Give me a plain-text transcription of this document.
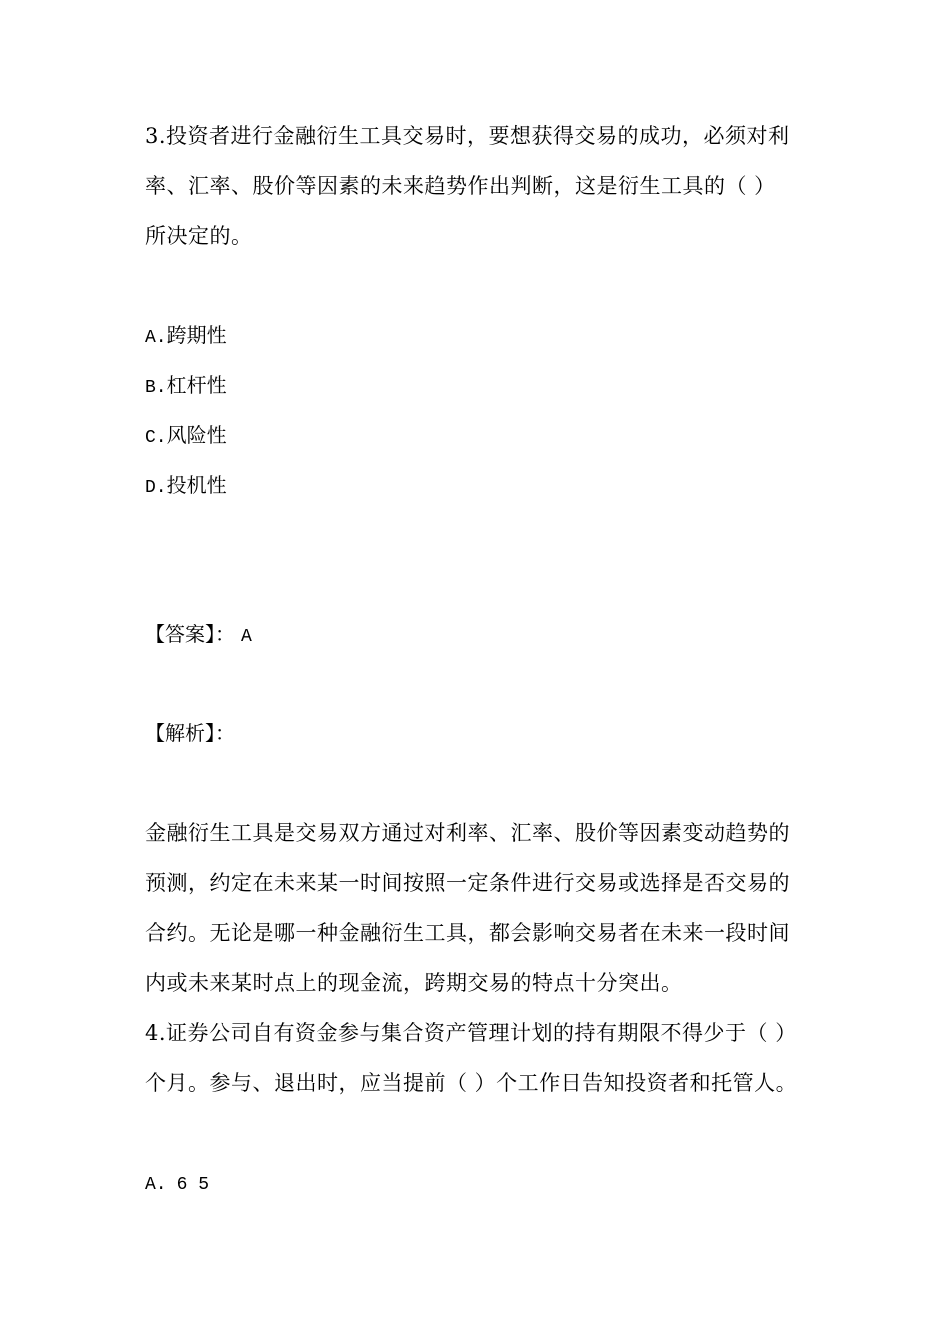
3.投资者进行金融衍生工具交易时，要想获得交易的成功，必须对利
率、汇率、股价等因素的未来趋势作出判断，这是衍生工具的（ ）
所决定的。
A.跨期性
B.杠杆性
C.风险性
D.投机性
【答案】： A
【解析】：
金融衍生工具是交易双方通过对利率、汇率、股价等因素变动趋势的
预测，约定在未来某一时间按照一定条件进行交易或选择是否交易的
合约。无论是哪一种金融衍生工具，都会影响交易者在未来一段时间
内或未来某时点上的现金流，跨期交易的特点十分突出。
4.证券公司自有资金参与集合资产管理计划的持有期限不得少于（ ）
个月。参与、退出时，应当提前（ ）个工作日告知投资者和托管人。
A. 6 5
